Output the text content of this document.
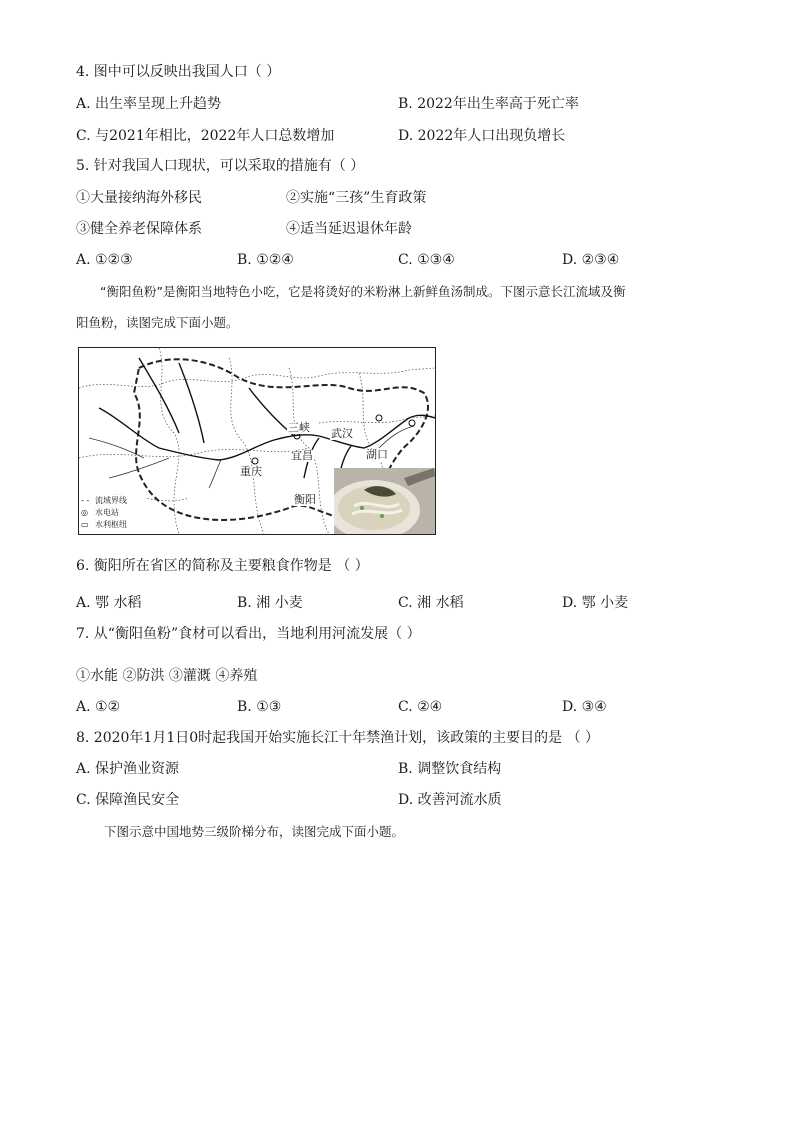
4. 图中可以反映出我国人口（ ）
A. 出生率呈现上升趋势	B. 2022年出生率高于死亡率
C. 与2021年相比，2022年人口总数增加	D. 2022年人口出现负增长
5. 针对我国人口现状，可以采取的措施有（ ）
①大量接纳海外移民	②实施“三孩”生育政策
③健全养老保障体系	④适当延迟退休年龄
A. ①②③	B. ①②④	C. ①③④	D. ②③④
“衡阳鱼粉”是衡阳当地特色小吃，它是将烫好的米粉淋上新鲜鱼汤制成。下图示意长江流域及衡
阳鱼粉，读图完成下面小题。
三峡 武汉
宜昌	湖口
重庆
衡阳
- - 流域界线
◎ 水电站
▭ 水利枢纽
6. 衡阳所在省区的简称及主要粮食作物是 （ ）
A. 鄂 水稻	B. 湘 小麦	C. 湘 水稻	D. 鄂 小麦
7. 从“衡阳鱼粉”食材可以看出，当地利用河流发展（ ）
①水能 ②防洪 ③灌溉 ④养殖
A. ①②	B. ①③	C. ②④	D. ③④
8. 2020年1月1日0时起我国开始实施长江十年禁渔计划，该政策的主要目的是 （ ）
A. 保护渔业资源	B. 调整饮食结构
C. 保障渔民安全	D. 改善河流水质
下图示意中国地势三级阶梯分布，读图完成下面小题。
